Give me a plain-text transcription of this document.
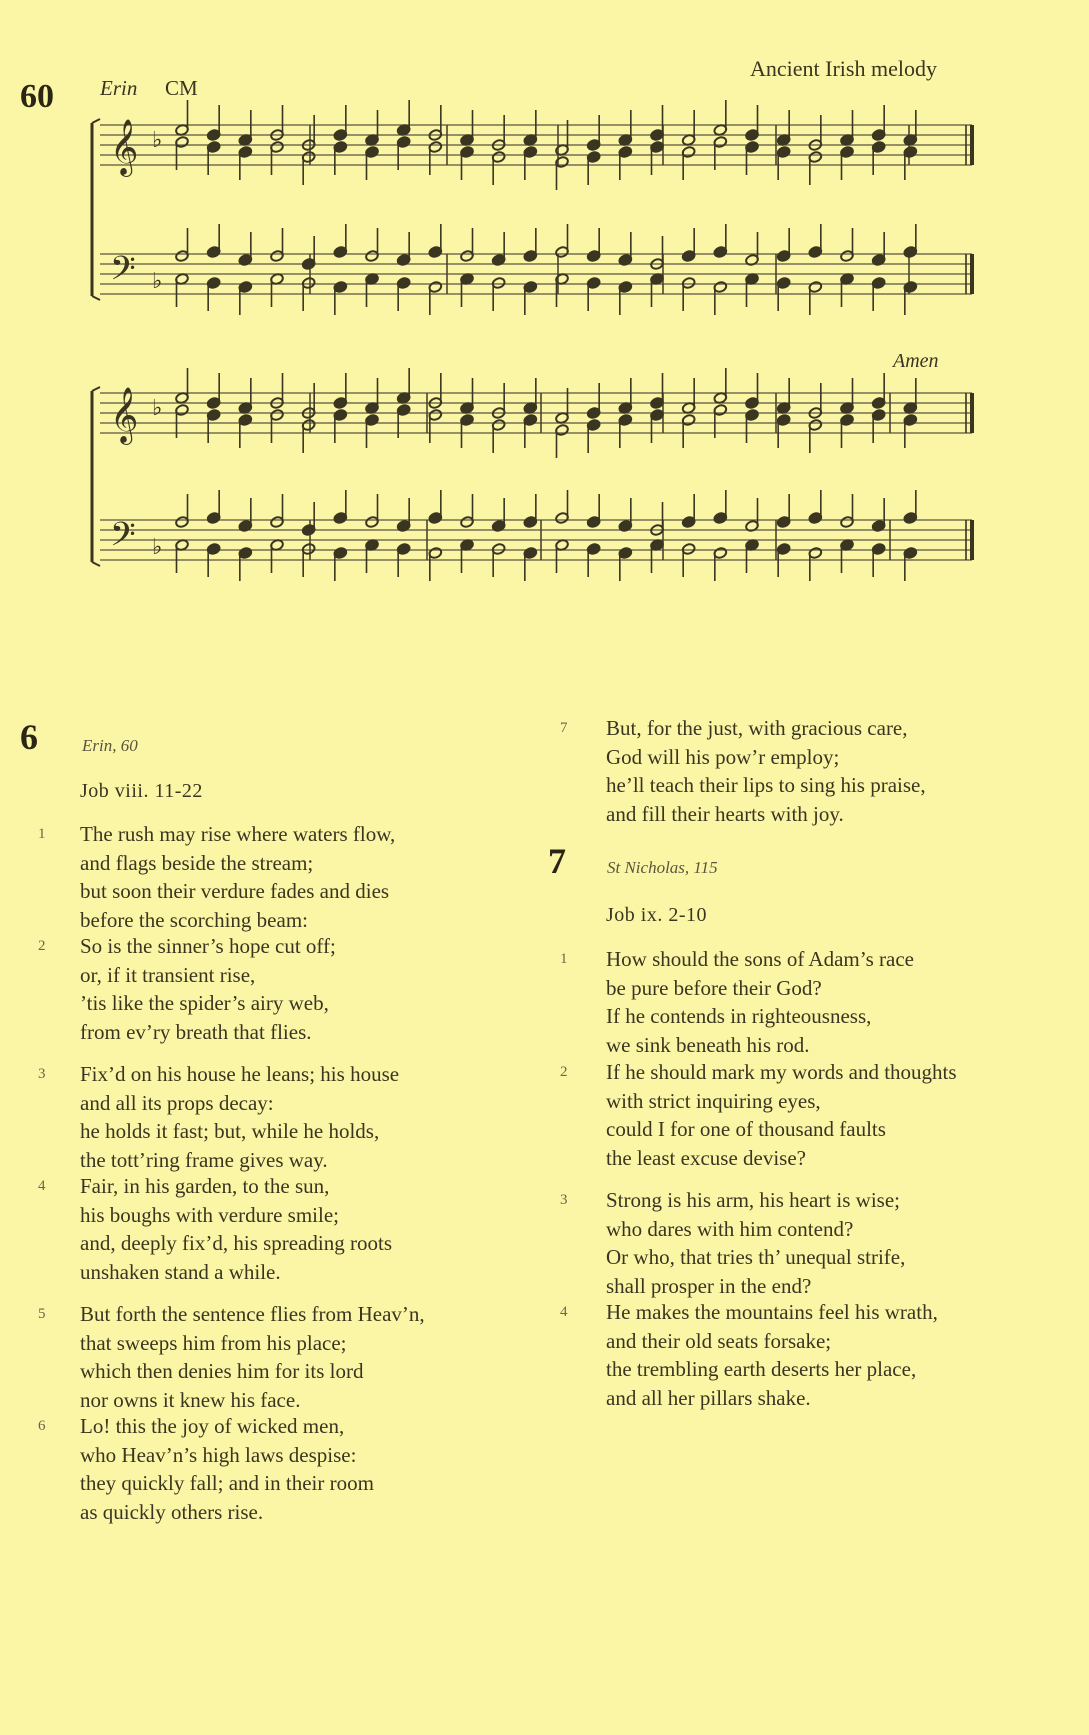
60 Erin CM
Ancient Irish melody
Amen
𝄞
𝄢
♭
♭
𝄞
𝄢
♭
♭
6	Erin, 60
Job viii. 11-22
1	The rush may rise where waters flow,
and flags beside the stream;
but soon their verdure fades and dies
before the scorching beam:
2	So is the sinner’s hope cut off;
or, if it transient rise,
’tis like the spider’s airy web,
from ev’ry breath that flies.
3	Fix’d on his house he leans; his house
and all its props decay:
he holds it fast; but, while he holds,
the tott’ring frame gives way.
4	Fair, in his garden, to the sun,
his boughs with verdure smile;
and, deeply fix’d, his spreading roots
unshaken stand a while.
5	But forth the sentence flies from Heav’n,
that sweeps him from his place;
which then denies him for its lord
nor owns it knew his face.
6	Lo! this the joy of wicked men,
who Heav’n’s high laws despise:
they quickly fall; and in their room
as quickly others rise.
7	But, for the just, with gracious care,
God will his pow’r employ;
he’ll teach their lips to sing his praise,
and fill their hearts with joy.
7 St Nicholas, 115
Job ix. 2-10
1	How should the sons of Adam’s race
be pure before their God?
If he contends in righteousness,
we sink beneath his rod.
2	If he should mark my words and thoughts
with strict inquiring eyes,
could I for one of thousand faults
the least excuse devise?
3	Strong is his arm, his heart is wise;
who dares with him contend?
Or who, that tries th’ unequal strife,
shall prosper in the end?
4	He makes the mountains feel his wrath,
and their old seats forsake;
the trembling earth deserts her place,
and all her pillars shake.
